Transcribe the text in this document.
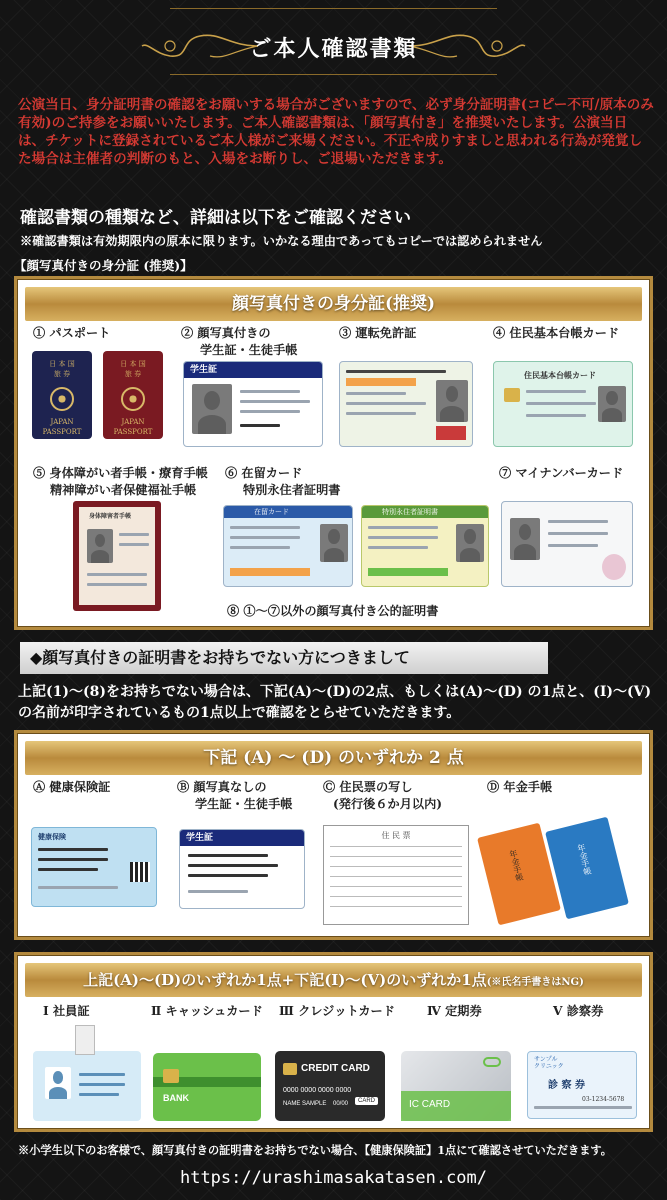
ご本人確認書類
公演当日、身分証明書の確認をお願いする場合がございますので、必ず身分証明書(コピー不可/原本のみ有効)のご持参をお願いいたします。ご本人確認書類は、「顔写真付き」を推奨いたします。公演当日は、チケットに登録されているご本人様がご来場ください。不正や成りすましと思われる行為が発覚した場合は主催者の判断のもと、入場をお断りし、ご退場いただきます。
確認書類の種類など、詳細は以下をご確認ください
※確認書類は有効期限内の原本に限ります。いかなる理由であってもコピーでは認められません
【顔写真付きの身分証 (推奨)】
顔写真付きの身分証(推奨)
① パスポート	② 顔写真付きの
学生証・生徒手帳
③ 運転免許証	④ 住民基本台帳カード
日 本 国
旅 券
JAPAN
PASSPORT
日 本 国
旅 券
JAPAN
PASSPORT
学生証	住民基本台帳カード
⑤ 身体障がい者手帳・療育手帳
精神障がい者保健福祉手帳
⑥ 在留カード
特別永住者証明書
⑦ マイナンバーカード
身体障害者手帳
在留カード	特別永住者証明書
⑧ ①〜⑦以外の顔写真付き公的証明書
◆顔写真付きの証明書をお持ちでない方につきまして
上記(1)〜(8)をお持ちでない場合は、下記(A)〜(D)の2点、もしくは(A)〜(D) の1点と、(Ⅰ)〜(Ⅴ)の名前が印字されているもの1点以上で確認をとらせていただきます。
下記 (A) 〜 (D) のいずれか 2 点
Ⓐ 健康保険証	Ⓑ 顔写真なしの
学生証・生徒手帳
Ⓒ 住民票の写し
(発行後６か月以内)
Ⓓ 年金手帳
健康保険	学生証	住 民 票
年金手帳	年金手帳
上記(A)〜(D)のいずれか1点+下記(Ⅰ)〜(Ⅴ)のいずれか1点(※氏名手書きはNG)
Ⅰ 社員証	Ⅱ キャッシュカード Ⅲ クレジットカード	Ⅳ 定期券	Ⅴ 診察券
BANK
CREDIT CARD
0000 0000 0000 0000
NAME SAMPLE 00/00	CARD	IC CARD
サンプル
クリニック
診 察 券
03-1234-5678
※小学生以下のお客様で、顔写真付きの証明書をお持ちでない場合、【健康保険証】1点にて確認させていただきます。
https://urashimasakatasen.com/
